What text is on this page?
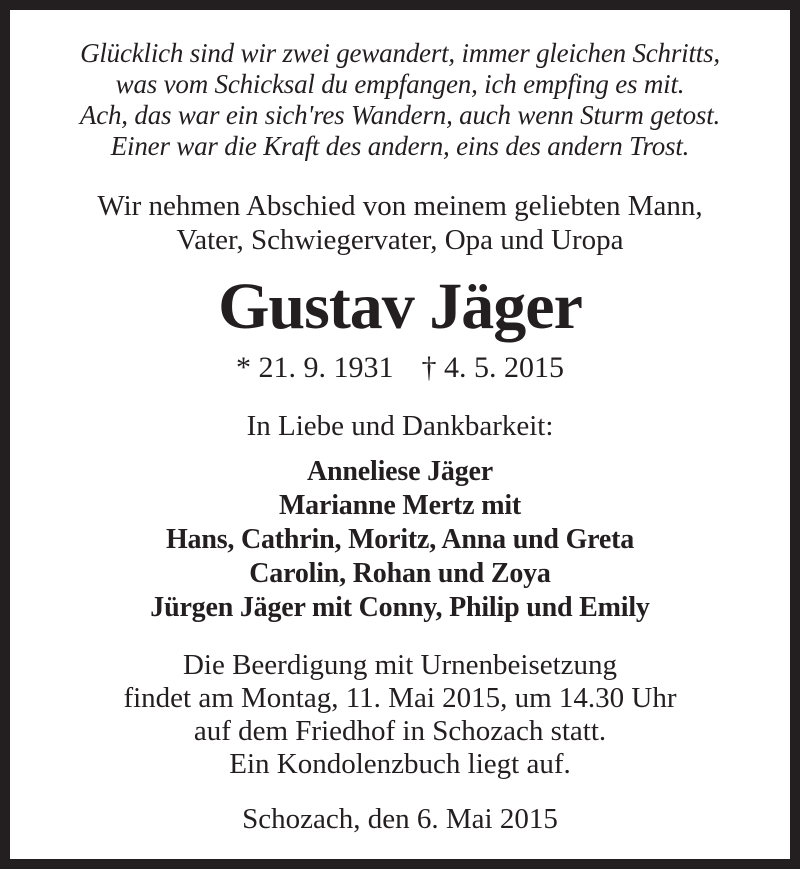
Glücklich sind wir zwei gewandert, immer gleichen Schritts,
was vom Schicksal du empfangen, ich empfing es mit.
Ach, das war ein sich'res Wandern, auch wenn Sturm getost.
Einer war die Kraft des andern, eins des andern Trost.
Wir nehmen Abschied von meinem geliebten Mann,
Vater, Schwiegervater, Opa und Uropa
Gustav Jäger
* 21. 9. 1931 † 4. 5. 2015
In Liebe und Dankbarkeit:
Anneliese Jäger
Marianne Mertz mit
Hans, Cathrin, Moritz, Anna und Greta
Carolin, Rohan und Zoya
Jürgen Jäger mit Conny, Philip und Emily
Die Beerdigung mit Urnenbeisetzung
findet am Montag, 11. Mai 2015, um 14.30 Uhr
auf dem Friedhof in Schozach statt.
Ein Kondolenzbuch liegt auf.
Schozach, den 6. Mai 2015
